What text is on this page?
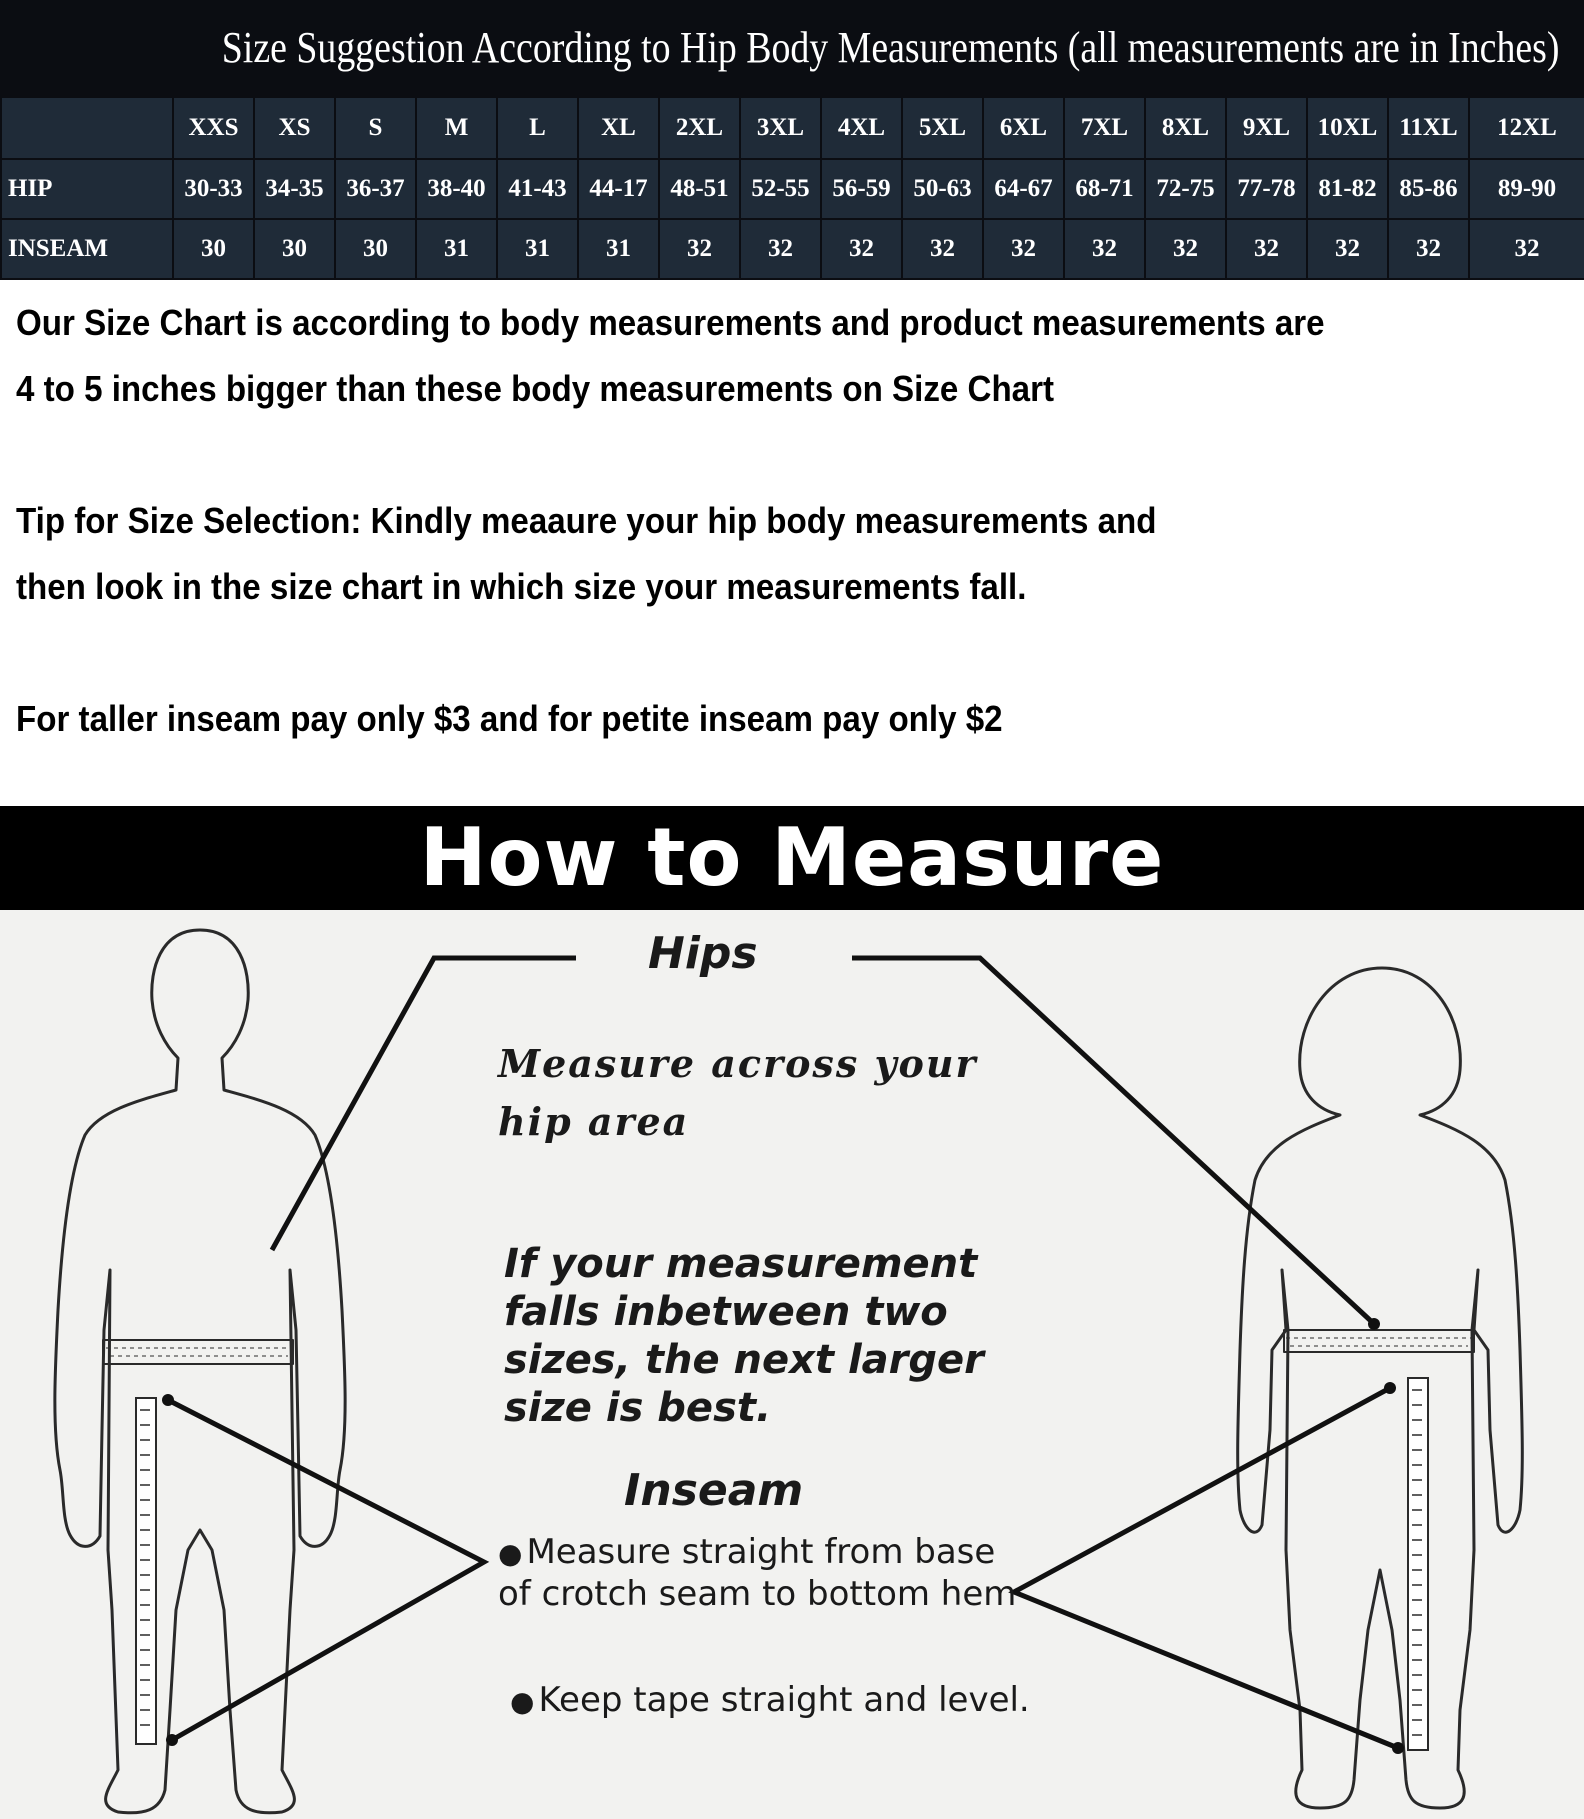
Size Suggestion According to Hip Body Measurements (all measurements are in Inches)
	XXS	XS	S	M	L	XL	2XL	3XL	4XL	5XL	6XL	7XL	8XL	9XL	10XL	11XL	12XL
HIP	30-33	34-35	36-37	38-40	41-43	44-17	48-51	52-55	56-59	50-63	64-67	68-71	72-75	77-78	81-82	85-86	89-90
INSEAM	30	30	30	31	31	31	32	32	32	32	32	32	32	32	32	32	32
Our Size Chart is according to body measurements and product measurements are
4 to 5 inches bigger than these body measurements on Size Chart
Tip for Size Selection: Kindly meaaure your hip body measurements and
then look in the size chart in which size your measurements fall.
For taller inseam pay only $3 and for petite inseam pay only $2
How to Measure
Hips
Measure across your hip area
If your measurement falls inbetween two sizes, the next larger size is best.
Inseam
● Measure straight from base of crotch seam to bottom hem
● Keep tape straight and level.
